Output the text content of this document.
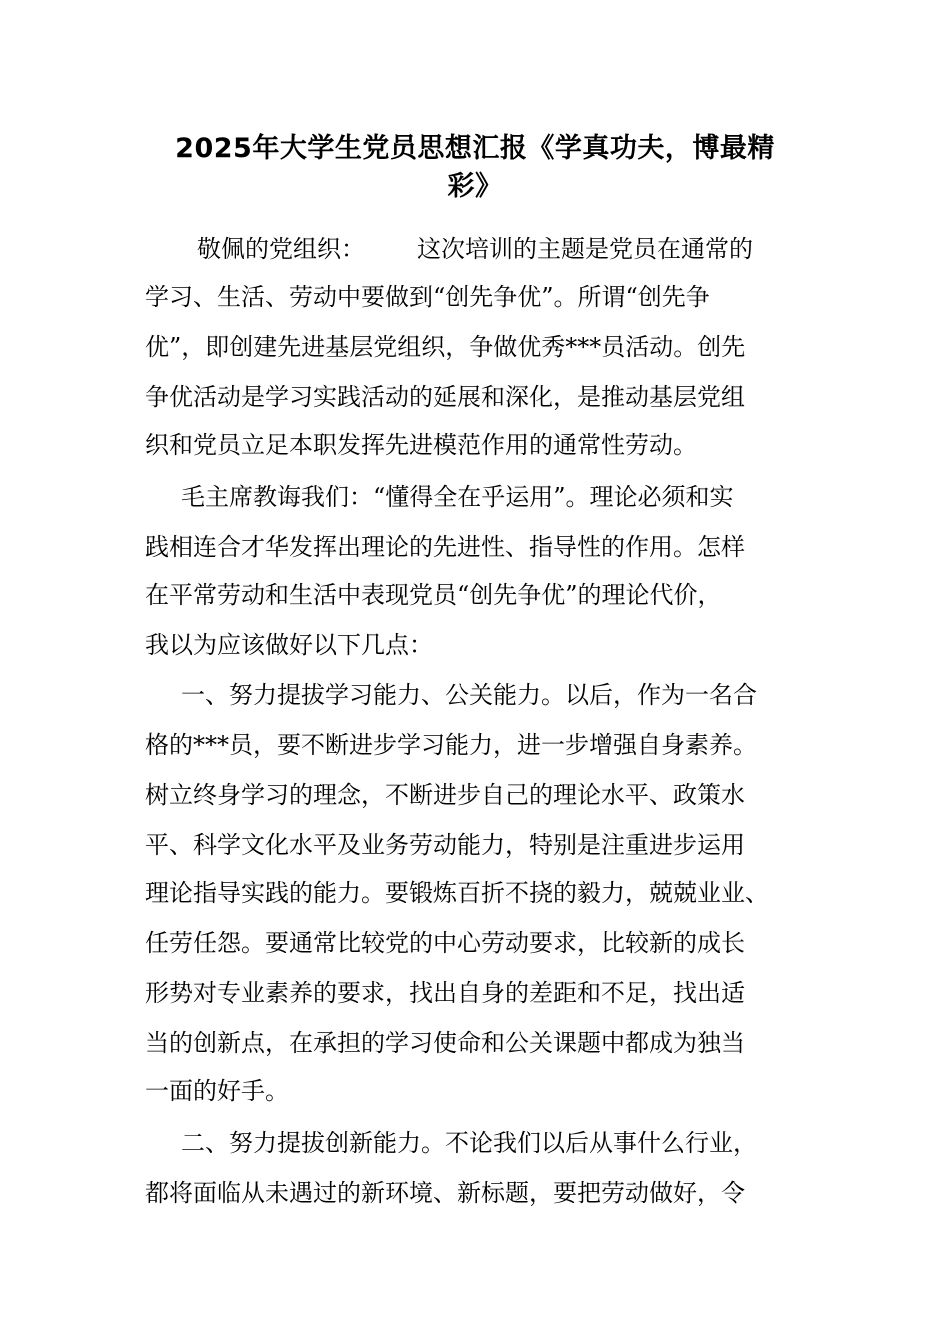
2025年大学生党员思想汇报《学真功夫，博最精
彩》
敬佩的党组织： 这次培训的主题是党员在通常的
学习、生活、劳动中要做到“创先争优”。所谓“创先争
优”，即创建先进基层党组织，争做优秀***员活动。创先
争优活动是学习实践活动的延展和深化，是推动基层党组
织和党员立足本职发挥先进模范作用的通常性劳动。
毛主席教诲我们：“懂得全在乎运用”。理论必须和实
践相连合才华发挥出理论的先进性、指导性的作用。怎样
在平常劳动和生活中表现党员“创先争优”的理论代价，
我以为应该做好以下几点：
一、努力提拔学习能力、公关能力。以后，作为一名合
格的***员，要不断进步学习能力，进一步增强自身素养。
树立终身学习的理念，不断进步自己的理论水平、政策水
平、科学文化水平及业务劳动能力，特别是注重进步运用
理论指导实践的能力。要锻炼百折不挠的毅力，兢兢业业、
任劳任怨。要通常比较党的中心劳动要求，比较新的成长
形势对专业素养的要求，找出自身的差距和不足，找出适
当的创新点，在承担的学习使命和公关课题中都成为独当
一面的好手。
二、努力提拔创新能力。不论我们以后从事什么行业，
都将面临从未遇过的新环境、新标题，要把劳动做好，令
